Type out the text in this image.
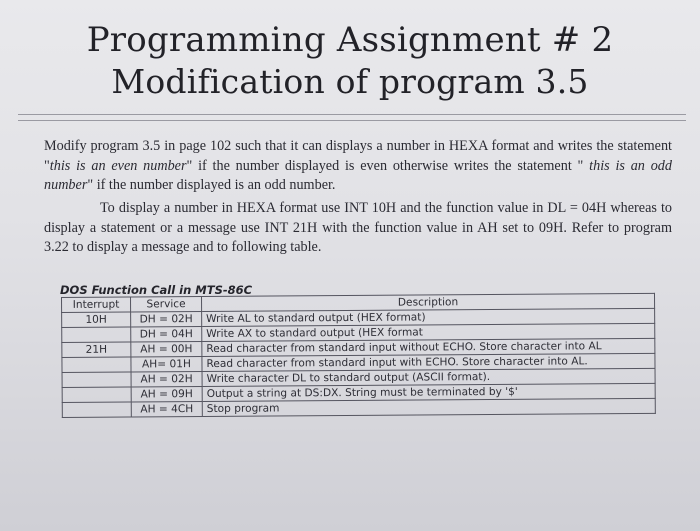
Programming Assignment # 2
Modification of program 3.5
Modify program 3.5 in page 102 such that it can displays a number in HEXA format and writes the statement "this is an even number" if the number displayed is even otherwise writes the statement " this is an odd number" if the number displayed is an odd number.
To display a number in HEXA format use INT 10H and the function value in DL = 04H whereas to display a statement or a message use INT 21H with the function value in AH set to 09H. Refer to program 3.22 to display a message and to following table.
DOS Function Call in MTS-86C
Interrupt	Service	Description
10H	DH = 02H	Write AL to standard output (HEX format)
	DH = 04H	Write AX to standard output (HEX format
21H	AH = 00H	Read character from standard input without ECHO. Store character into AL
	AH= 01H	Read character from standard input with ECHO. Store character into AL.
	AH = 02H	Write character DL to standard output (ASCII format).
	AH = 09H	Output a string at DS:DX. String must be terminated by '$'
	AH = 4CH	Stop program
